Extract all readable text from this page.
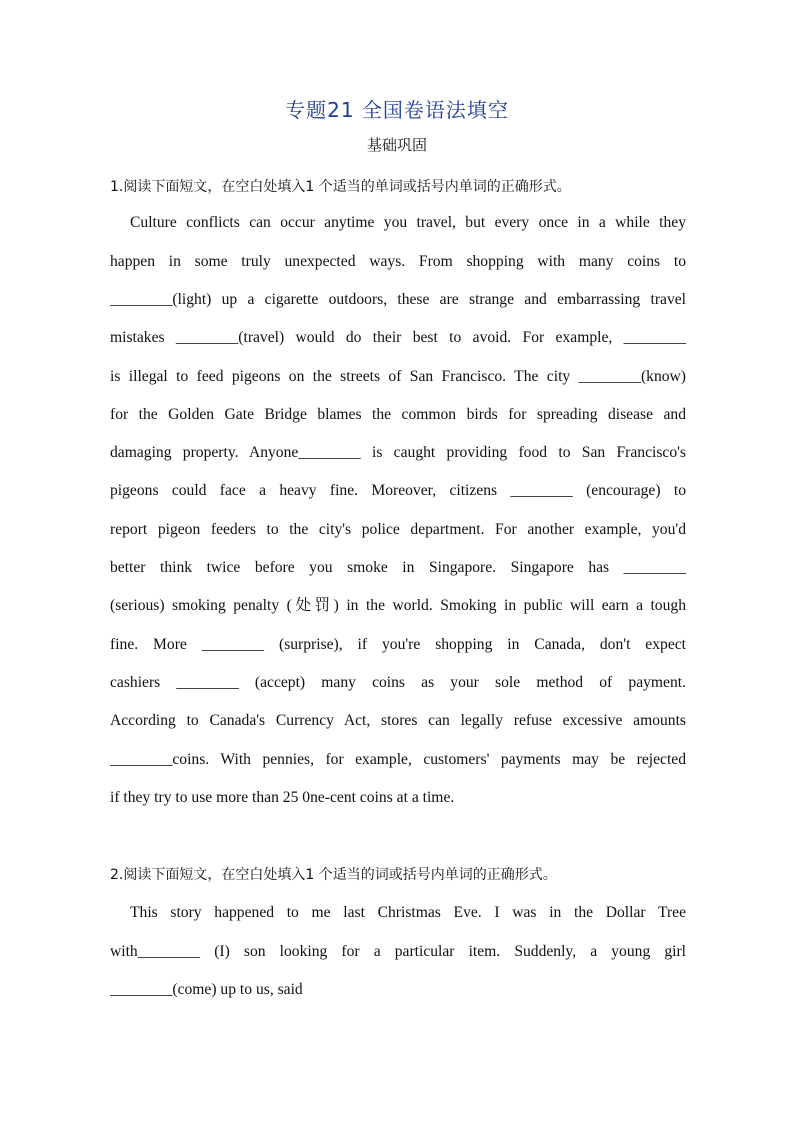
专题21 全国卷语法填空
基础巩固
1.阅读下面短文，在空白处填入1 个适当的单词或括号内单词的正确形式。
Culture conflicts can occur anytime you travel, but every once in a while they
happen in some truly unexpected ways. From shopping with many coins to
________(light) up a cigarette outdoors, these are strange and embarrassing travel
mistakes ________(travel) would do their best to avoid. For example, ________
is illegal to feed pigeons on the streets of San Francisco. The city ________(know)
for the Golden Gate Bridge blames the common birds for spreading disease and
damaging property. Anyone________ is caught providing food to San Francisco's
pigeons could face a heavy fine. Moreover, citizens ________ (encourage) to
report pigeon feeders to the city's police department. For another example, you'd
better think twice before you smoke in Singapore. Singapore has ________
(serious) smoking penalty (处罚) in the world. Smoking in public will earn a tough
fine. More ________ (surprise), if you're shopping in Canada, don't expect
cashiers ________ (accept) many coins as your sole method of payment.
According to Canada's Currency Act, stores can legally refuse excessive amounts
________coins. With pennies, for example, customers' payments may be rejected
if they try to use more than 25 0ne-cent coins at a time.
2.阅读下面短文，在空白处填入1 个适当的词或括号内单词的正确形式。
This story happened to me last Christmas Eve. I was in the Dollar Tree
with________ (I) son looking for a particular item. Suddenly, a young girl
________(come) up to us, said
